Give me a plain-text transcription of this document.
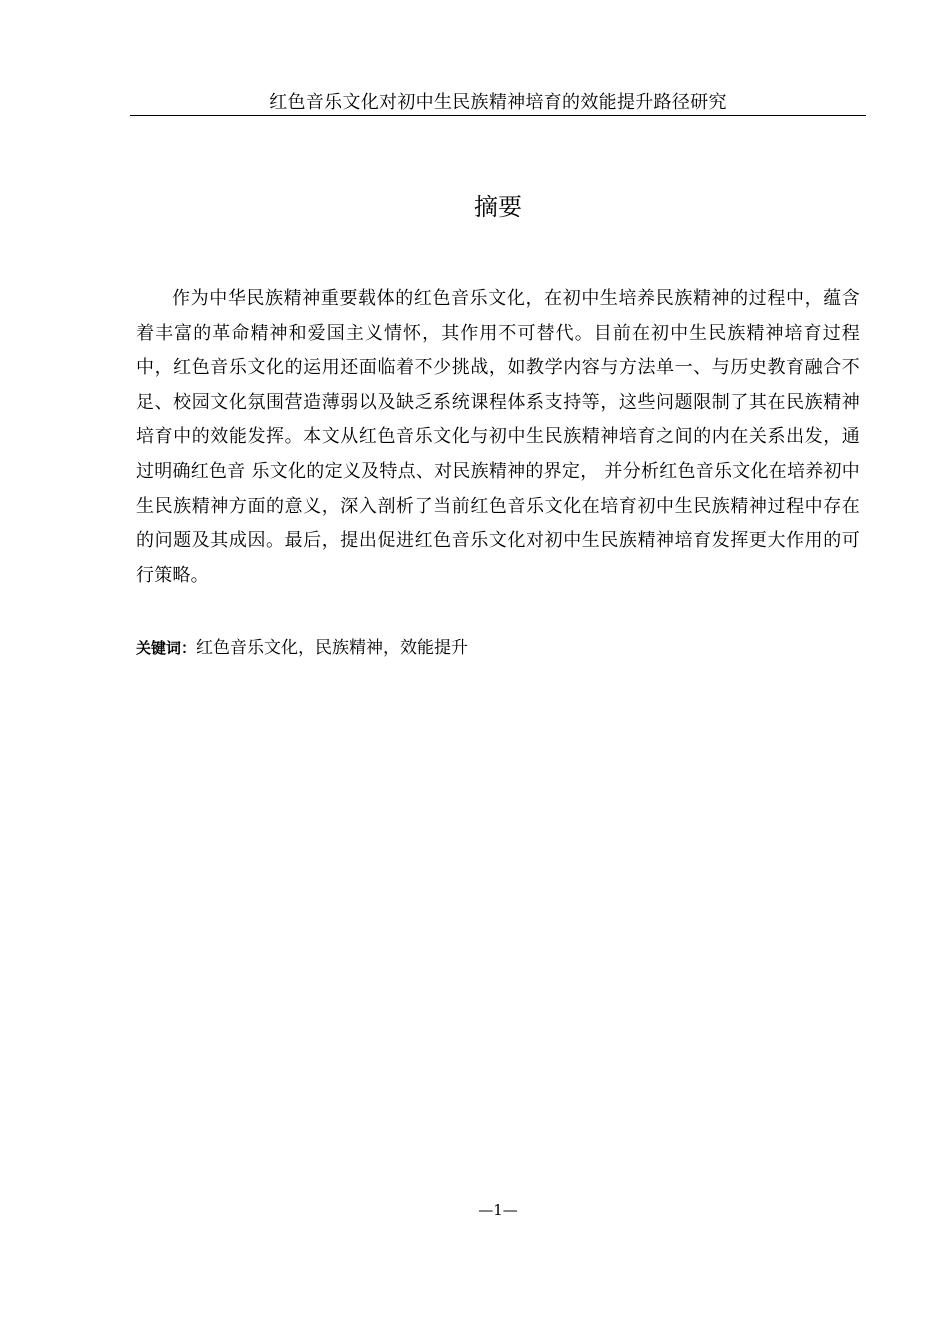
红色音乐文化对初中生民族精神培育的效能提升路径研究
摘要

作为中华民族精神重要载体的红色音乐文化，在初中生培养民族精神的过程中，蕴含着丰富的革命精神和爱国主义情怀，其作用不可替代。目前在初中生民族精神培育过程中，红色音乐文化的运用还面临着不少挑战，如教学内容与方法单一、与历史教育融合不足、校园文化氛围营造薄弱以及缺乏系统课程体系支持等，这些问题限制了其在民族精神培育中的效能发挥。本文从红色音乐文化与初中生民族精神培育之间的内在关系出发，通过明确红色音 乐文化的定义及特点、对民族精神的界定， 并分析红色音乐文化在培养初中生民族精神方面的意义，深入剖析了当前红色音乐文化在培育初中生民族精神过程中存在的问题及其成因。最后，提出促进红色音乐文化对初中生民族精神培育发挥更大作用的可行策略。

关键词：红色音乐文化，民族精神，效能提升
—1—
